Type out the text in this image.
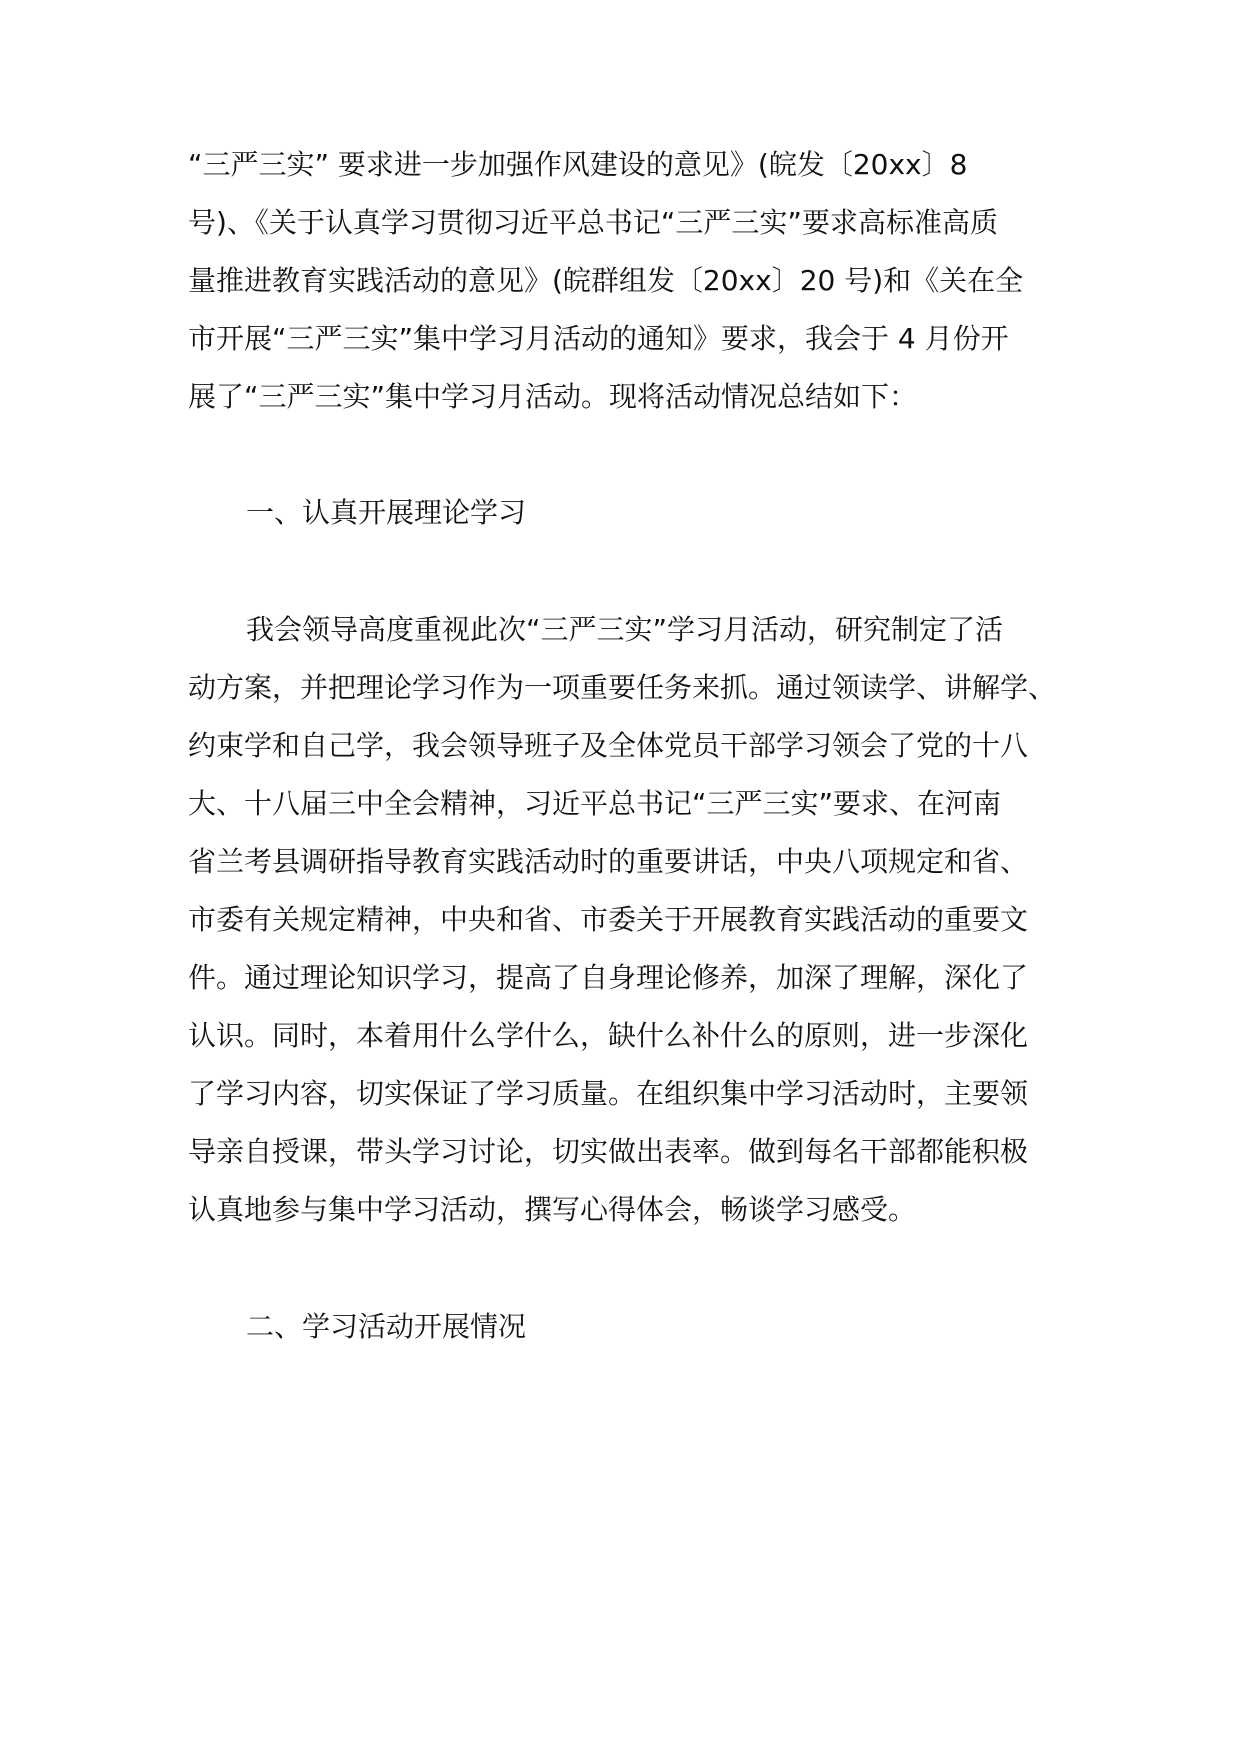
“三严三实” 要求进一步加强作风建设的意见》(皖发〔20xx〕8
号)、《关于认真学习贯彻习近平总书记“三严三实”要求高标准高质
量推进教育实践活动的意见》(皖群组发〔20xx〕20 号)和《关在全
市开展“三严三实”集中学习月活动的通知》要求，我会于 4 月份开
展了“三严三实”集中学习月活动。现将活动情况总结如下：
一、认真开展理论学习
我会领导高度重视此次“三严三实”学习月活动，研究制定了活
动方案，并把理论学习作为一项重要任务来抓。通过领读学、讲解学、
约束学和自己学，我会领导班子及全体党员干部学习领会了党的十八
大、十八届三中全会精神，习近平总书记“三严三实”要求、在河南
省兰考县调研指导教育实践活动时的重要讲话，中央八项规定和省、
市委有关规定精神，中央和省、市委关于开展教育实践活动的重要文
件。通过理论知识学习，提高了自身理论修养，加深了理解，深化了
认识。同时，本着用什么学什么，缺什么补什么的原则，进一步深化
了学习内容，切实保证了学习质量。在组织集中学习活动时，主要领
导亲自授课，带头学习讨论，切实做出表率。做到每名干部都能积极
认真地参与集中学习活动，撰写心得体会，畅谈学习感受。
二、学习活动开展情况
